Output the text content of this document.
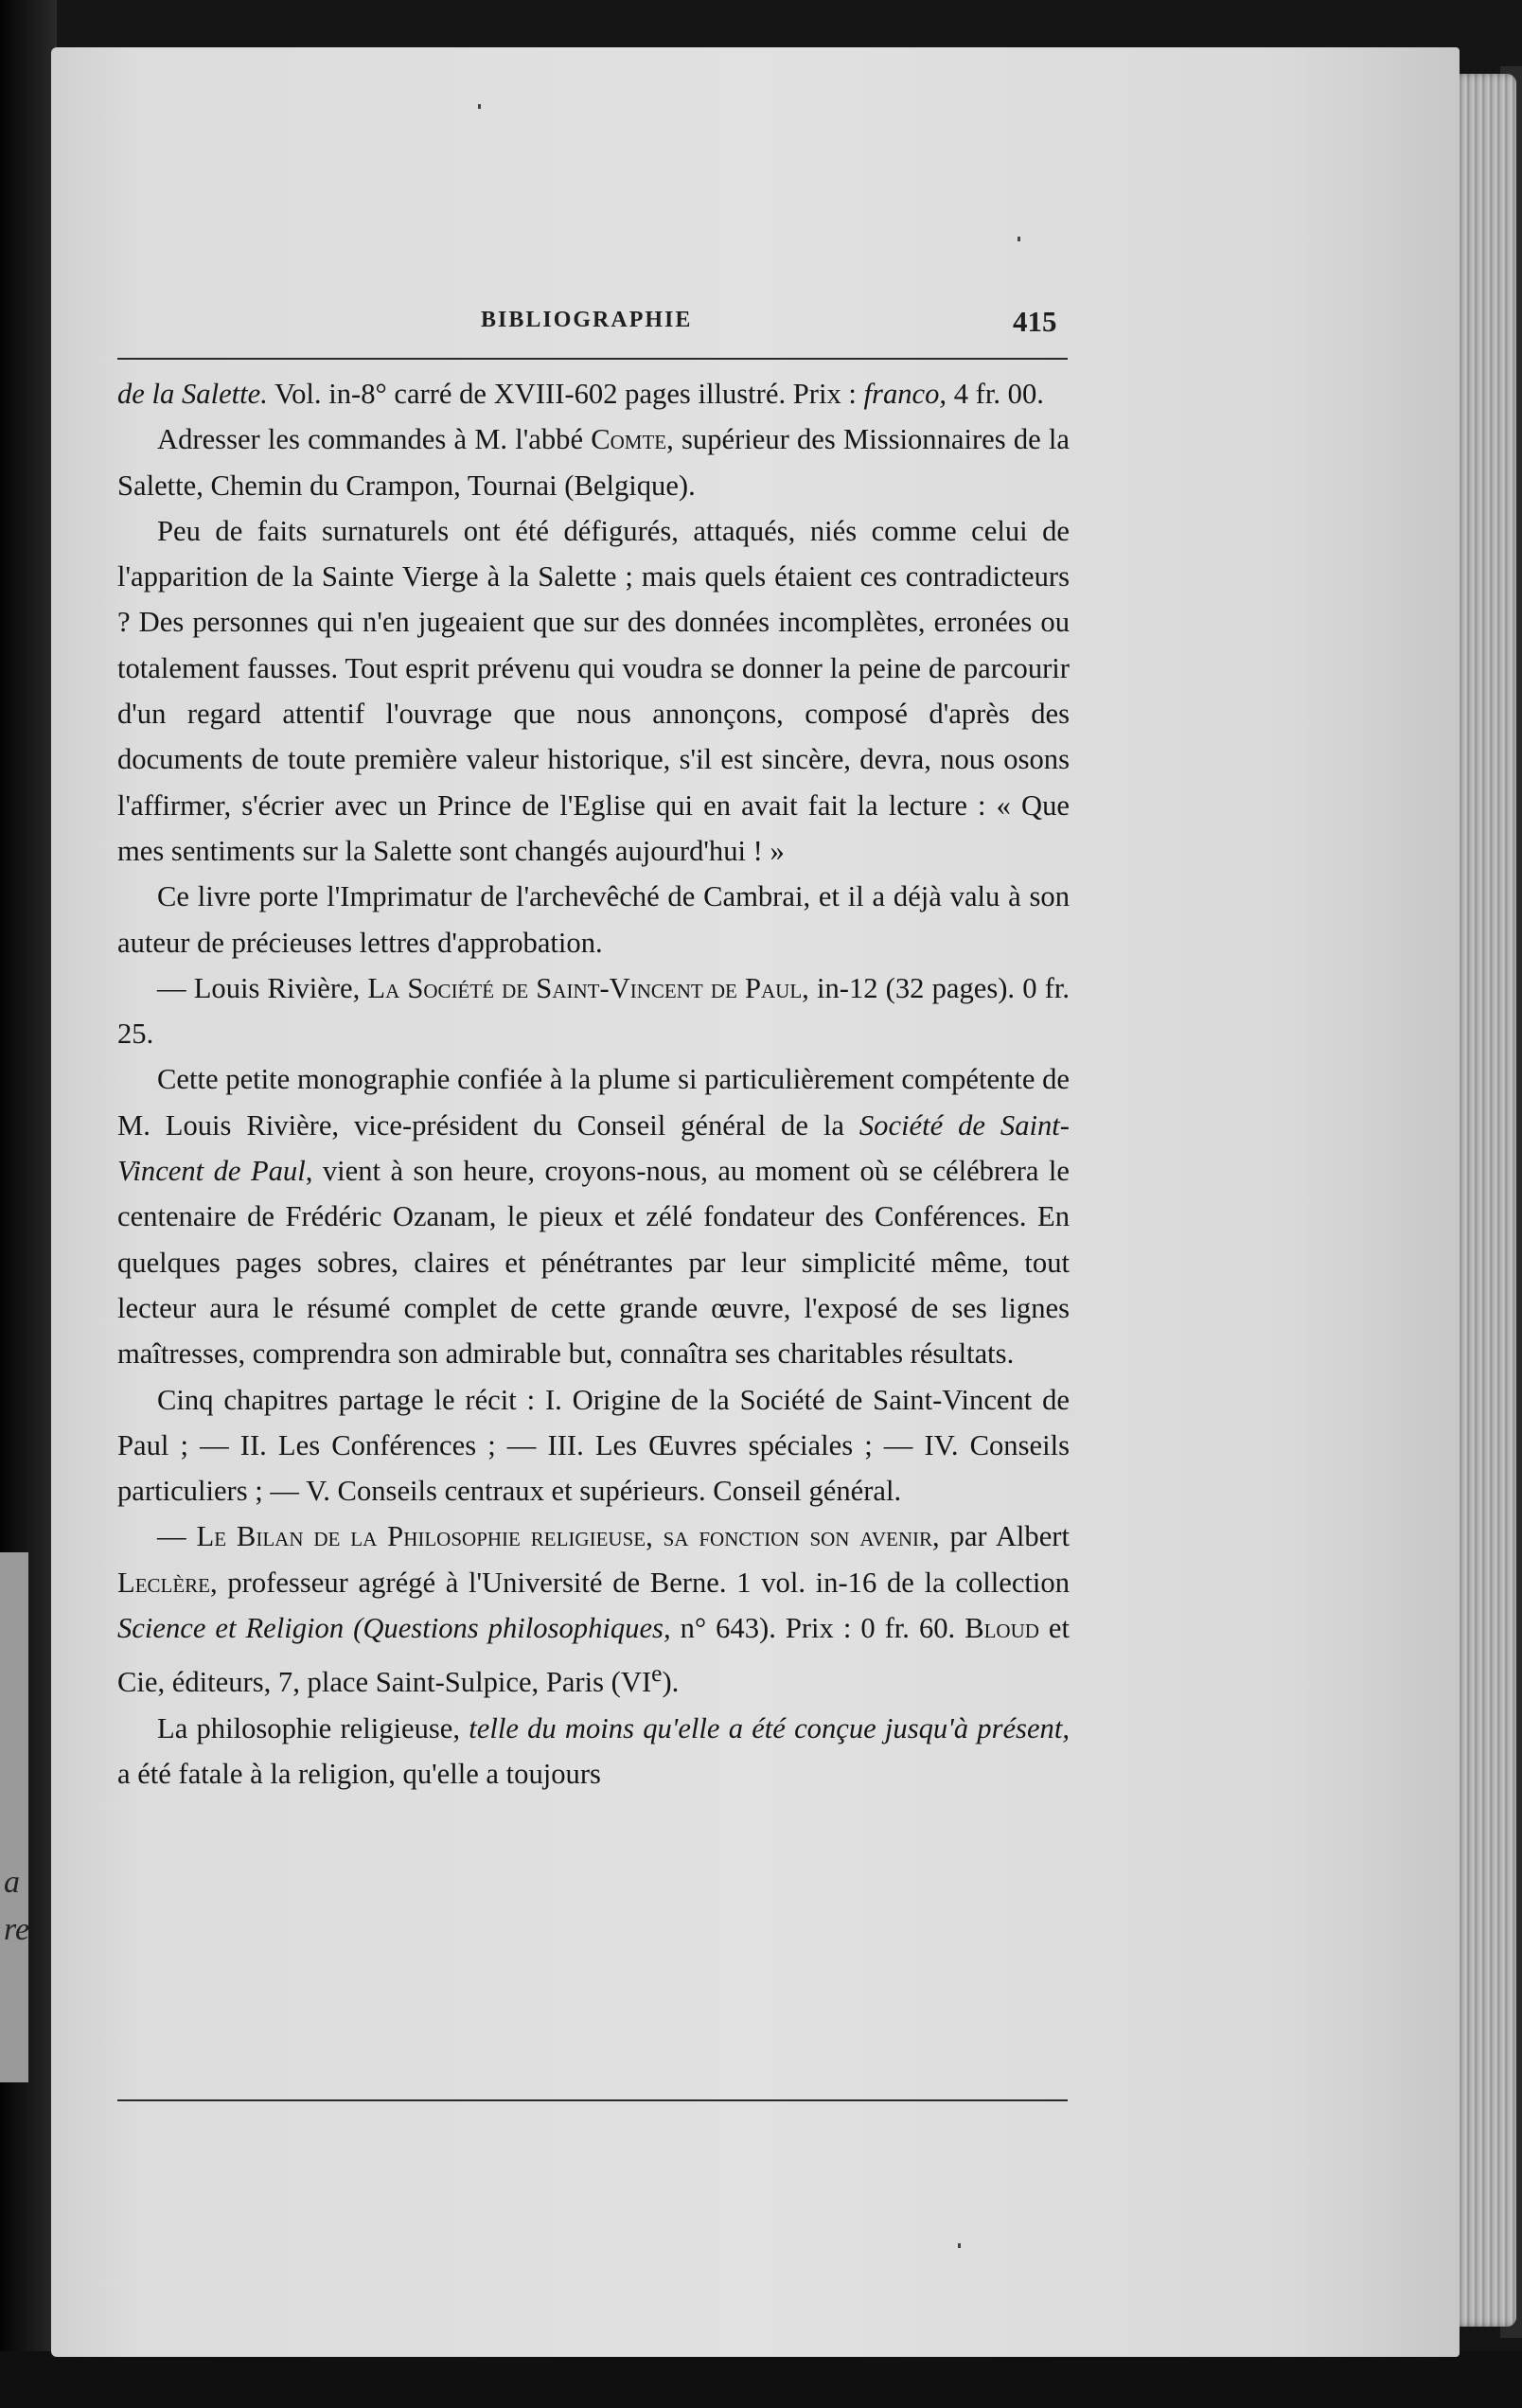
a
re
BIBLIOGRAPHIE	415

de la Salette. Vol. in-8° carré de XVIII-602 pages illustré. Prix : franco, 4 fr. 00.

Adresser les commandes à M. l'abbé Comte, supérieur des Missionnaires de la Salette, Chemin du Crampon, Tournai (Belgique).

Peu de faits surnaturels ont été défigurés, attaqués, niés comme celui de l'apparition de la Sainte Vierge à la Salette ; mais quels étaient ces contradicteurs ? Des personnes qui n'en jugeaient que sur des données incomplètes, erronées ou totalement fausses. Tout esprit prévenu qui voudra se donner la peine de parcourir d'un regard attentif l'ouvrage que nous annonçons, composé d'après des documents de toute première valeur historique, s'il est sincère, devra, nous osons l'affirmer, s'écrier avec un Prince de l'Eglise qui en avait fait la lecture : « Que mes sentiments sur la Salette sont changés aujourd'hui ! »

Ce livre porte l'Imprimatur de l'archevêché de Cambrai, et il a déjà valu à son auteur de précieuses lettres d'approbation.

— Louis Rivière, La Société de Saint-Vincent de Paul, in-12 (32 pages). 0 fr. 25.

Cette petite monographie confiée à la plume si particulièrement compétente de M. Louis Rivière, vice-président du Conseil général de la Société de Saint-Vincent de Paul, vient à son heure, croyons-nous, au moment où se célébrera le centenaire de Frédéric Ozanam, le pieux et zélé fondateur des Conférences. En quelques pages sobres, claires et pénétrantes par leur simplicité même, tout lecteur aura le résumé complet de cette grande œuvre, l'exposé de ses lignes maîtresses, comprendra son admirable but, connaîtra ses charitables résultats.

Cinq chapitres partage le récit : I. Origine de la Société de Saint-Vincent de Paul ; — II. Les Conférences ; — III. Les Œuvres spéciales ; — IV. Conseils particuliers ; — V. Conseils centraux et supérieurs. Conseil général.

— Le Bilan de la Philosophie religieuse, sa fonction son avenir, par Albert Leclère, professeur agrégé à l'Université de Berne. 1 vol. in-16 de la collection Science et Religion (Questions philosophiques, n° 643). Prix : 0 fr. 60. Bloud et Cie, éditeurs, 7, place Saint-Sulpice, Paris (VIe).

La philosophie religieuse, telle du moins qu'elle a été conçue jusqu'à présent, a été fatale à la religion, qu'elle a toujours
